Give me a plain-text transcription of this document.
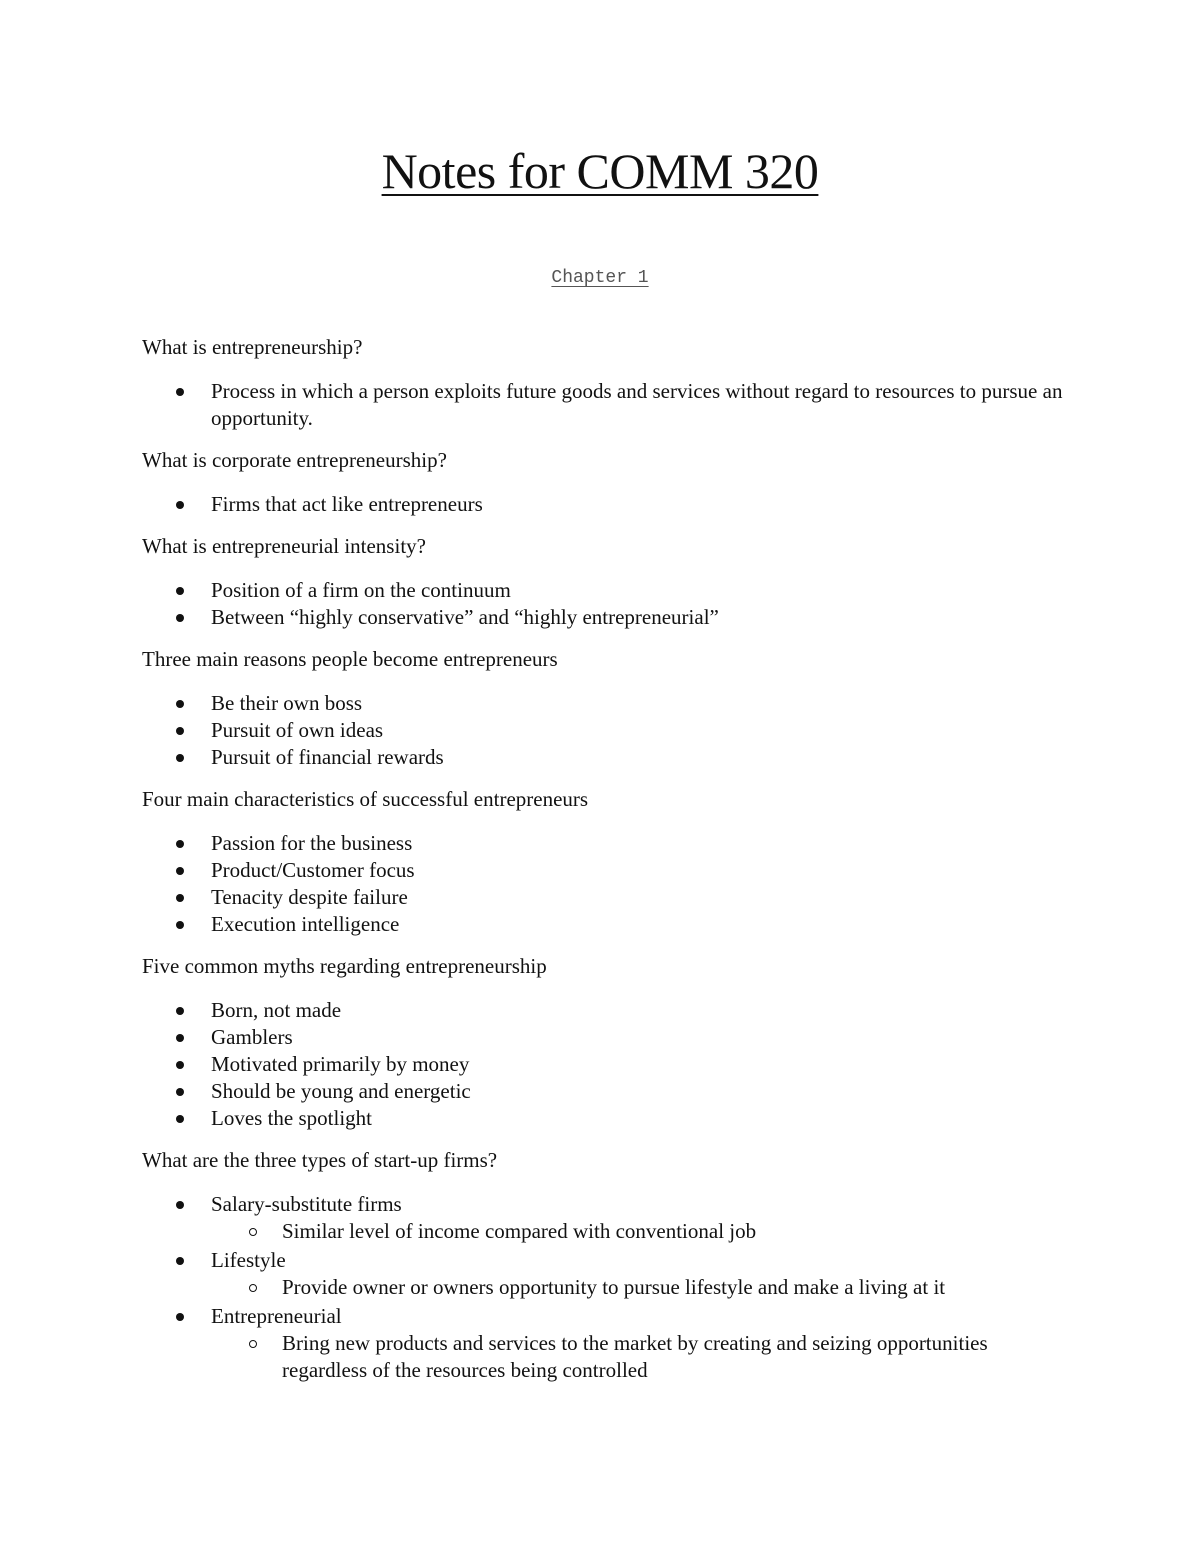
Notes for COMM 320
Chapter 1
What is entrepreneurship?
Process in which a person exploits future goods and services without regard to resources to pursue an opportunity.
What is corporate entrepreneurship?
Firms that act like entrepreneurs
What is entrepreneurial intensity?
Position of a firm on the continuum
Between “highly conservative” and “highly entrepreneurial”
Three main reasons people become entrepreneurs
Be their own boss
Pursuit of own ideas
Pursuit of financial rewards
Four main characteristics of successful entrepreneurs
Passion for the business
Product/Customer focus
Tenacity despite failure
Execution intelligence
Five common myths regarding entrepreneurship
Born, not made
Gamblers
Motivated primarily by money
Should be young and energetic
Loves the spotlight
What are the three types of start-up firms?
Salary-substitute firms
Similar level of income compared with conventional job
Lifestyle
Provide owner or owners opportunity to pursue lifestyle and make a living at it
Entrepreneurial
Bring new products and services to the market by creating and seizing opportunities regardless of the resources being controlled
